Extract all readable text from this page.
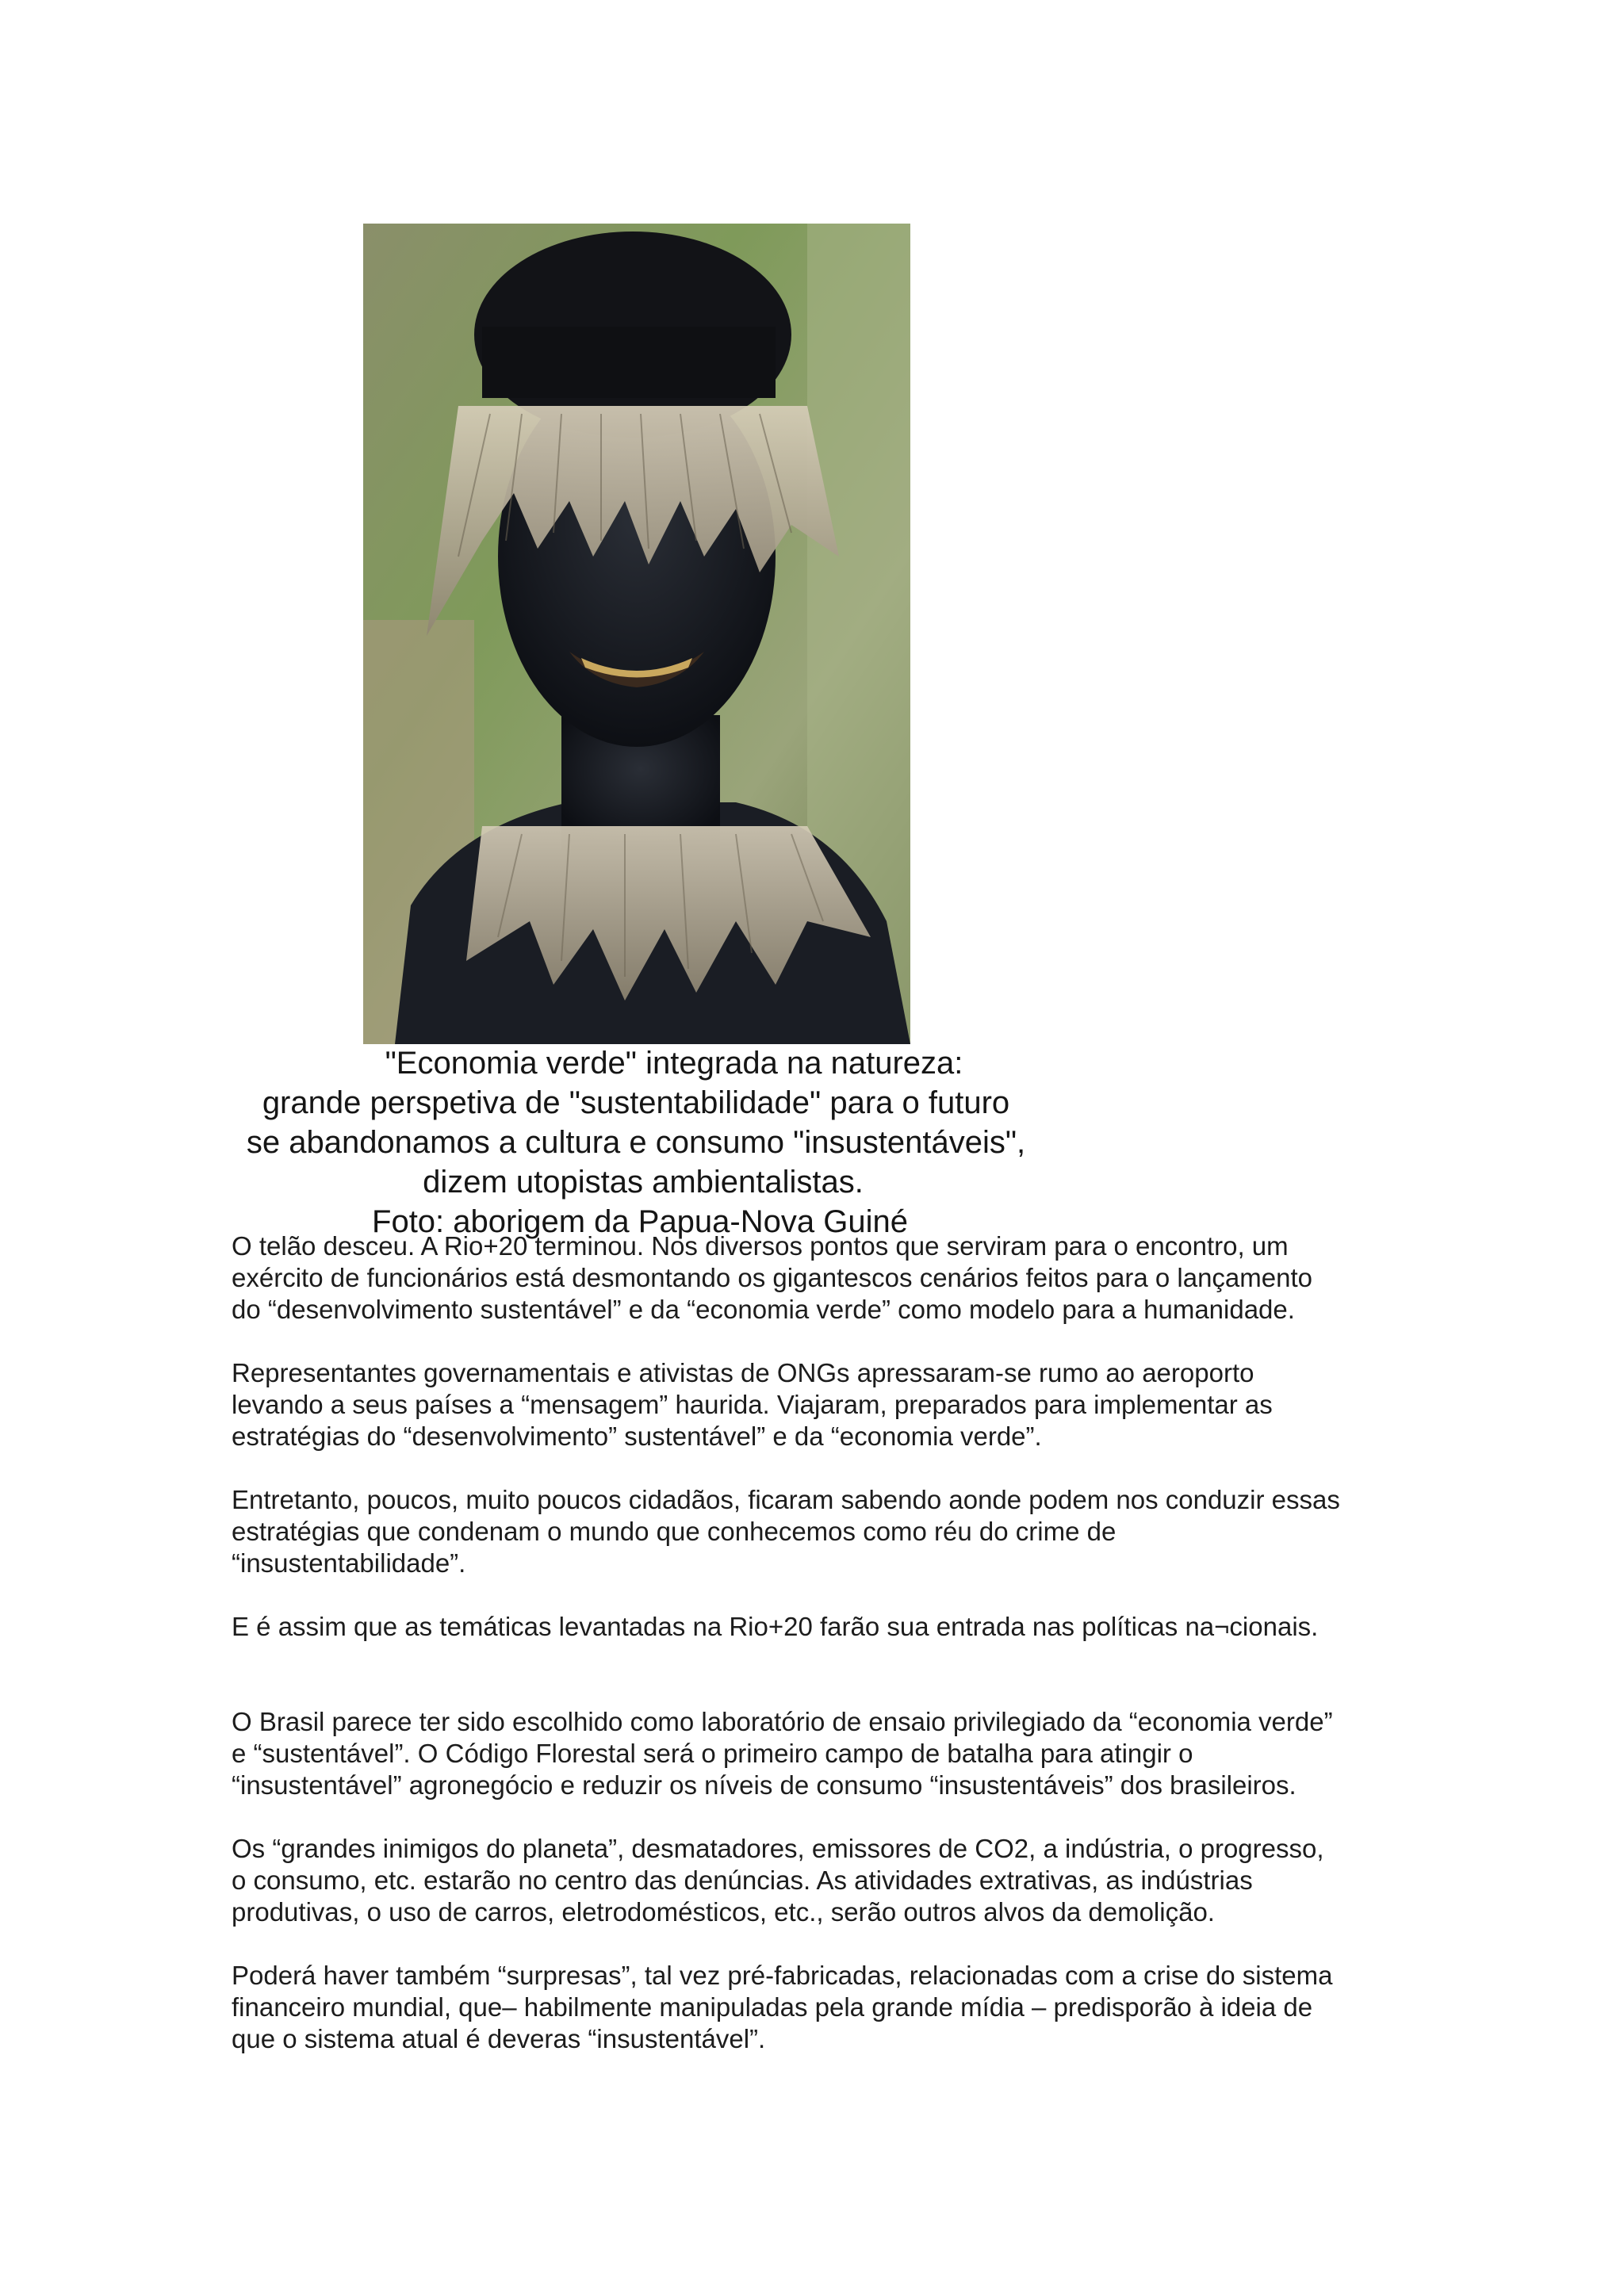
"Economia verde" integrada na natureza:
grande perspetiva de "sustentabilidade" para o futuro
se abandonamos a cultura e consumo "insustentáveis",
dizem utopistas ambientalistas.
Foto: aborigem da Papua-Nova Guiné

O telão desceu. A Rio+20 terminou. Nos diversos pontos que serviram para o encontro, um
exército de funcionários está desmontando os gigantescos cenários feitos para o lançamento
do “desenvolvimento sustentável” e da “economia verde” como modelo para a humanidade.

Representantes governamentais e ativistas de ONGs apressaram-se rumo ao aeroporto
levando a seus países a “mensagem” haurida. Viajaram, preparados para implementar as
estratégias do “desenvolvimento” sustentável” e da “economia verde”.

Entretanto, poucos, muito poucos cidadãos, ficaram sabendo aonde podem nos conduzir essas
estratégias que condenam o mundo que conhecemos como réu do crime de
“insustentabilidade”.

E é assim que as temáticas levantadas na Rio+20 farão sua entrada nas políticas na¬cionais.

O Brasil parece ter sido escolhido como laboratório de ensaio privilegiado da “economia verde”
e “sustentável”. O Código Florestal será o primeiro campo de batalha para atingir o
“insustentável” agronegócio e reduzir os níveis de consumo “insustentáveis” dos brasileiros.

Os “grandes inimigos do planeta”, desmatadores, emissores de CO2, a indústria, o progresso,
o consumo, etc. estarão no centro das denúncias. As atividades extrativas, as indústrias
produtivas, o uso de carros, eletrodomésticos, etc., serão outros alvos da demolição.

Poderá haver também “surpresas”, tal vez pré-fabricadas, relacionadas com a crise do sistema
financeiro mundial, que– habilmente manipuladas pela grande mídia – predisporão à ideia de
que o sistema atual é deveras “insustentável”.
